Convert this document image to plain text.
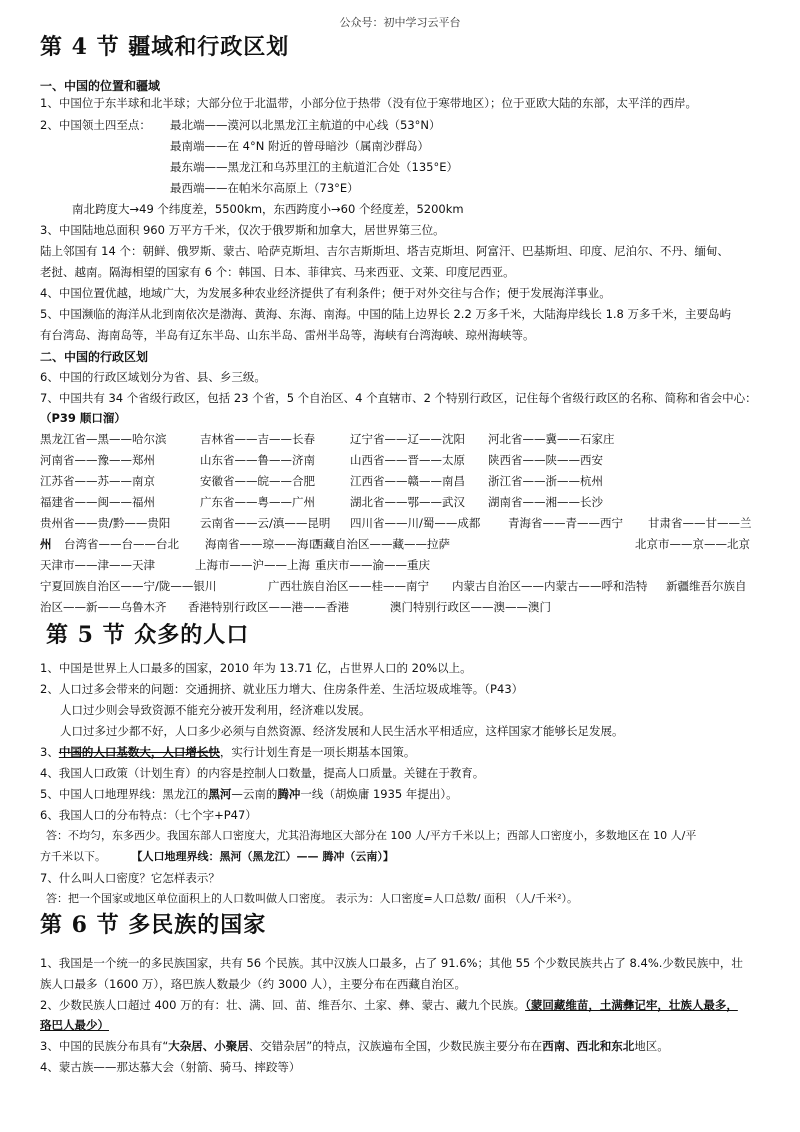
公众号：初中学习云平台
第 4 节 疆域和行政区划
一、中国的位置和疆域
1、中国位于东半球和北半球；大部分位于北温带，小部分位于热带（没有位于寒带地区）；位于亚欧大陆的东部，太平洋的西岸。
2、中国领土四至点： 最北端——漠河以北黑龙江主航道的中心线（53°N）
最南端——在 4°N 附近的曾母暗沙（属南沙群岛）
最东端——黑龙江和乌苏里江的主航道汇合处（135°E）
最西端——在帕米尔高原上（73°E）
南北跨度大→49 个纬度差，5500km，东西跨度小→60 个经度差，5200km
3、中国陆地总面积 960 万平方千米，仅次于俄罗斯和加拿大，居世界第三位。
陆上邻国有 14 个：朝鲜、俄罗斯、蒙古、哈萨克斯坦、吉尔吉斯斯坦、塔吉克斯坦、阿富汗、巴基斯坦、印度、尼泊尔、不丹、缅甸、
老挝、越南。隔海相望的国家有 6 个：韩国、日本、菲律宾、马来西亚、文莱、印度尼西亚。
4、中国位置优越，地域广大，为发展多种农业经济提供了有利条件；便于对外交往与合作；便于发展海洋事业。
5、中国濒临的海洋从北到南依次是渤海、黄海、东海、南海。中国的陆上边界长 2.2 万多千米，大陆海岸线长 1.8 万多千米，主要岛屿
有台湾岛、海南岛等，半岛有辽东半岛、山东半岛、雷州半岛等，海峡有台湾海峡、琼州海峡等。
二、中国的行政区划
6、中国的行政区域划分为省、县、乡三级。
7、中国共有 34 个省级行政区，包括 23 个省，5 个自治区、4 个直辖市、2 个特别行政区，记住每个省级行政区的名称、简称和省会中心：
（P39 顺口溜）
黑龙江省—黑——哈尔滨	吉林省——吉——长春	辽宁省——辽——沈阳 河北省——冀——石家庄
河南省——豫——郑州	山东省——鲁——济南	山西省——晋——太原 陕西省——陕——西安
江苏省——苏——南京	安徽省——皖——合肥	江西省——赣——南昌 浙江省——浙——杭州
福建省——闽——福州	广东省——粤——广州	湖北省——鄂——武汉 湖南省——湘——长沙
贵州省——贵/黔——贵阳	云南省——云/滇——昆明 四川省——川/蜀——成都 青海省——青——西宁 甘肃省——甘——兰
州 台湾省——台——台北 海南省——琼——海口
西藏自治区——藏——拉萨	北京市——京——北京
天津市——津——天津	上海市——沪——上海 重庆市——渝——重庆
宁夏回族自治区——宁/陇——银川	广西壮族自治区——桂——南宁 内蒙古自治区——内蒙古——呼和浩特 新疆维吾尔族自
治区——新——乌鲁木齐 香港特别行政区——港——香港	澳门特别行政区——澳——澳门
第 5 节 众多的人口
1、中国是世界上人口最多的国家，2010 年为 13.71 亿，占世界人口的 20%以上。
2、人口过多会带来的问题：交通拥挤、就业压力增大、住房条件差、生活垃圾成堆等。（P43）
人口过少则会导致资源不能充分被开发利用，经济难以发展。
人口过多过少都不好，人口多少必须与自然资源、经济发展和人民生活水平相适应，这样国家才能够长足发展。
3、中国的人口基数大，人口增长快，实行计划生育是一项长期基本国策。
4、我国人口政策（计划生育）的内容是控制人口数量，提高人口质量。关键在于教育。
5、中国人口地理界线：黑龙江的黑河—云南的腾冲一线（胡焕庸 1935 年提出）。
6、我国人口的分布特点：（七个字+P47）
答：不均匀，东多西少。我国东部人口密度大，尤其沿海地区大部分在 100 人/平方千米以上；西部人口密度小，多数地区在 10 人/平
方千米以下。 【人口地理界线：黑河（黑龙江）—— 腾冲（云南）】
7、什么叫人口密度？它怎样表示？
答：把一个国家或地区单位面积上的人口数叫做人口密度。 表示为：人口密度=人口总数/ 面积 （人/千米²）。
第 6 节 多民族的国家
1、我国是一个统一的多民族国家，共有 56 个民族。其中汉族人口最多，占了 91.6%；其他 55 个少数民族共占了 8.4%.少数民族中，壮
族人口最多（1600 万），珞巴族人数最少（约 3000 人），主要分布在西藏自治区。
2、少数民族人口超过 400 万的有：壮、满、回、苗、维吾尔、土家、彝、蒙古、藏九个民族。（蒙回藏维苗，土满彝记牢，壮族人最多，
珞巴人最少）
3、中国的民族分布具有“大杂居、小聚居、交错杂居”的特点，汉族遍布全国，少数民族主要分布在西南、西北和东北地区。
4、蒙古族——那达慕大会（射箭、骑马、摔跤等）
